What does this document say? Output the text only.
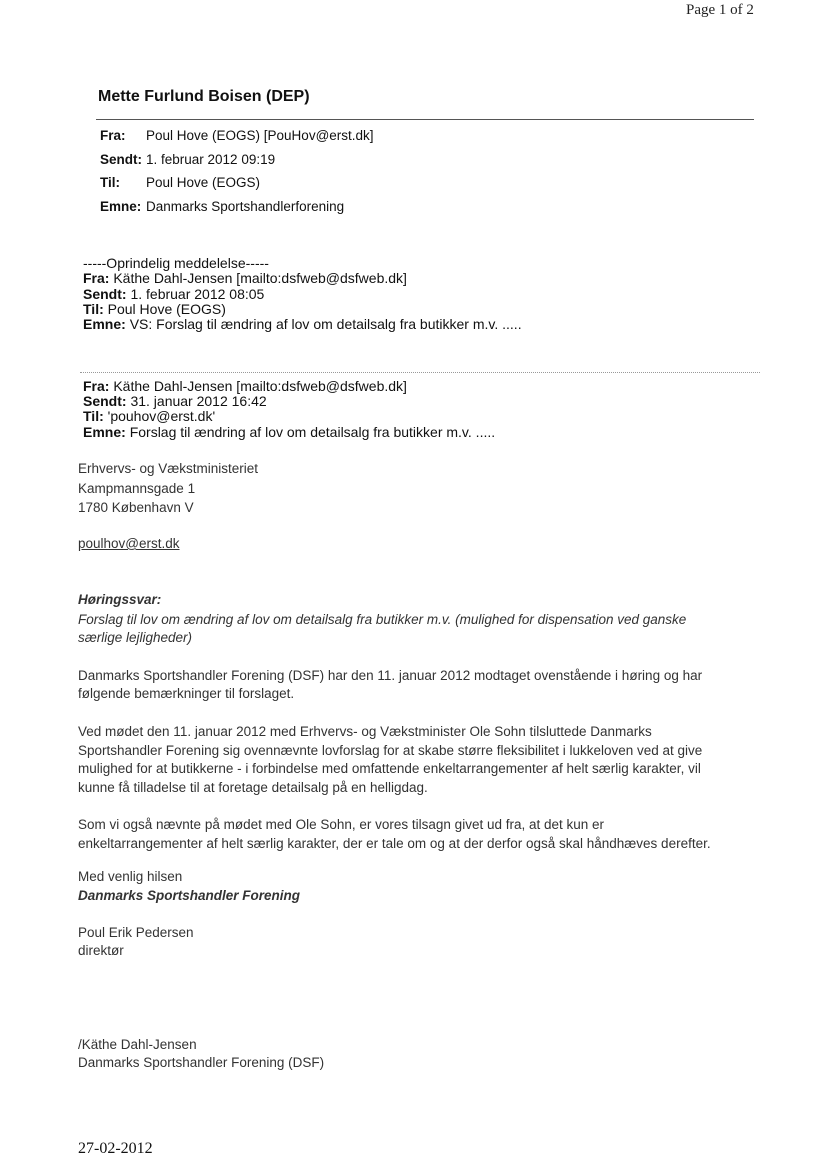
Page 1 of 2
Mette Furlund Boisen (DEP)
Fra: Poul Hove (EOGS) [PouHov@erst.dk]
Sendt: 1. februar 2012 09:19
Til: Poul Hove (EOGS)
Emne: Danmarks Sportshandlerforening
-----Oprindelig meddelelse-----
Fra: Käthe Dahl-Jensen [mailto:dsfweb@dsfweb.dk]
Sendt: 1. februar 2012 08:05
Til: Poul Hove (EOGS)
Emne: VS: Forslag til ændring af lov om detailsalg fra butikker m.v. .....
Fra: Käthe Dahl-Jensen [mailto:dsfweb@dsfweb.dk]
Sendt: 31. januar 2012 16:42
Til: 'pouhov@erst.dk'
Emne: Forslag til ændring af lov om detailsalg fra butikker m.v. .....
Erhvervs- og Vækstministeriet
Kampmannsgade 1
1780 København V
poulhov@erst.dk
Høringssvar:
Forslag til lov om ændring af lov om detailsalg fra butikker m.v. (mulighed for dispensation ved ganske
særlige lejligheder)
Danmarks Sportshandler Forening (DSF) har den 11. januar 2012 modtaget ovenstående i høring og har
følgende bemærkninger til forslaget.
Ved mødet den 11. januar 2012 med Erhvervs- og Vækstminister Ole Sohn tilsluttede Danmarks
Sportshandler Forening sig ovennævnte lovforslag for at skabe større fleksibilitet i lukkeloven ved at give
mulighed for at butikkerne - i forbindelse med omfattende enkeltarrangementer af helt særlig karakter, vil
kunne få tilladelse til at foretage detailsalg på en helligdag.
Som vi også nævnte på mødet med Ole Sohn, er vores tilsagn givet ud fra, at det kun er
enkeltarrangementer af helt særlig karakter, der er tale om og at der derfor også skal håndhæves derefter.
Med venlig hilsen
Danmarks Sportshandler Forening
Poul Erik Pedersen
direktør
/Käthe Dahl-Jensen
Danmarks Sportshandler Forening (DSF)
27-02-2012
